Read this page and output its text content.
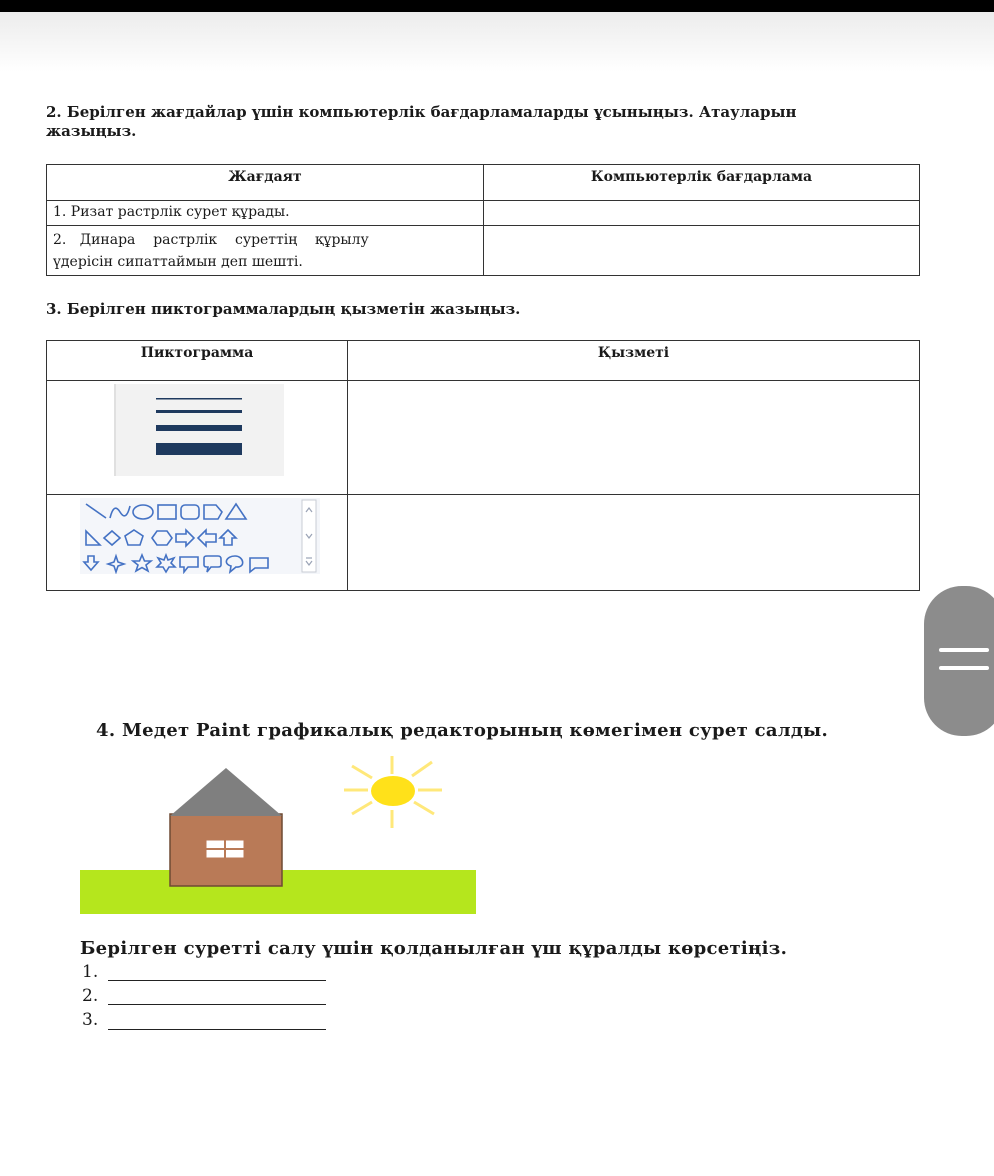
2. Берілген жағдайлар үшін компьютерлік бағдарламаларды ұсыныңыз. Атауларын
жазыңыз.
Жағдаят	Компьютерлік бағдарлама
1. Ризат растрлік сурет құрады.	

2.   Динара    растрлік    суреттің    құрылу
үдерісін сипаттаймын деп шешті.	

3. Берілген пиктограммалардың қызметін жазыңыз.
Пиктограмма	Қызметі

4. Медет Paint графикалық редакторының көмегімен сурет салды.
Берілген суретті салу үшін қолданылған үш құралды көрсетіңіз.
1.
2.
3.
